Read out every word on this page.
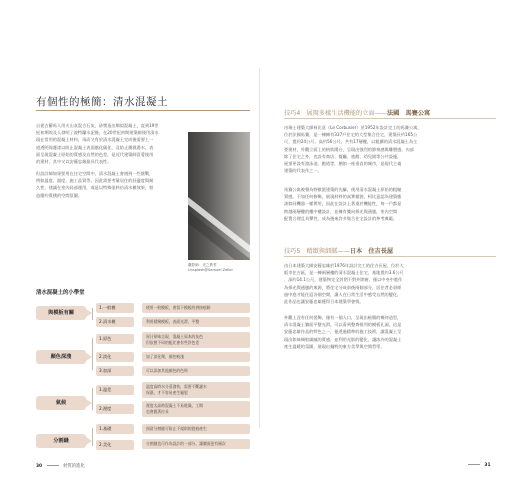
有個性的極簡：清水混凝土
自從古羅馬人用火山灰混合石灰，砂漿造出類似混凝土，直到19世
紀初期埃及人發明了波特蘭水泥後，在20世紀初期建築師使用清水
現在常用的混凝土材料，再而又有於清水混凝土完成後需要上一
道透明保護漆以防止混凝土表面風化碳化、及防止潮濕滲水，表
面呈現混凝土原始的質感及自然的色差，是近代建築師喜愛使用
的建材，其中又以安藤忠雄最具代表性。
但設計師如果要用在住宅空間中，清水混凝土會遇到一些挑戰，
例如溫度、濕度、施工品質等，因此需要考量居住的舒適度與耐
久性，建議在室內局部運用，或是以特殊塗料仿清水模效果，營
造簡約質樸的空間氛圍。
攝影師：光之教堂
Unsplash@Samuel Zeller
清水混凝土的小學堂
與模板有關
1.一般模
2.清水模
使用一般模板，會留下模板的拼接痕跡
利用精緻模板，表面光滑，平整
顏色深淺
1.原色
2.淡化
3.加深
原汁原味呈現，混凝土原本的灰色
但依照不同的配比會有些許色差
加了淡化劑，顏色較淺
可以添加其他顏色的色料
氣候
1.溫差
2.溼度
溫度高時水分蒸發快，需要不斷灑水
保濕，才不容易產生龜裂
溼度太高時混凝土不易乾燥，工期
也會跟著拉長
分割縫
1.基礎
2.美化
預留分割縫可防止不規則的裂痕產生
分割縫也可作為設計的一部分，讓牆面更有層次
30	材質的進化
技巧4　展現多樣生活機能的立面——法國　馬賽公寓
由瑞士建築大師柯比意（Le Corbusier）於1952年設計完工的馬賽公寓，
位於法國馬賽，是一棟擁有337戶住宅的大型集合住宅，建築長約165公
尺、寬約24公尺、高約56公尺，共有17層樓，以粗獷的清水混凝土為主
要建材，外觀立面上的格狀陽台，呈現出強烈的節奏感與雕塑感，內部
除了住宅之外，也設有商店、餐廳、旅館、幼兒園等公共設施，
屋頂更設有游泳池、跑道等，猶如一座垂直的城市，是現代主義
建築的代表作之一。
馬賽公寓被譽為野獸派建築的先驅，使用清水混凝土原始的粗糙
質感，不加任何修飾，展現材料的真實樣貌，柯比意認為建築應
該如同機器一樣實用，因此在設計上著重於機能性，每一戶都是
跨越兩層樓的樓中樓設計，並擁有雙向採光與通風，室內空間
配置合理且具彈性，成為後來許多集合住宅設計的參考典範。
技巧5　精緻與細膩——日本　住吉長屋
由日本建築大師安藤忠雄於1976年設計完工的住吉長屋，位於大
阪市住吉區，是一棟兩層樓的清水混凝土住宅，基地寬約3.6公尺
、深約14.1公尺，建築物完全封閉不對外開窗，僅以中央中庭作
為採光與通風的來源，將住宅分成前後兩個部分，居住者必須經
過中庭才能往返各個空間，讓人在日常生活中感受自然的變化，
此作品也讓安藤忠雄獲得日本建築學會獎。
外觀上沒有任何裝飾，僅有一個入口，呈現出極簡的幾何造型，
清水混凝土牆面平整光滑，可以看到整齊排列的模板孔洞，這是
安藤忠雄作品的特色之一，他透過精準的施工技術，讓混凝土呈
現出如絲綢般細膩的質感，並利用光影的變化，讓冰冷的混凝土
產生溫暖的氛圍，展現出獨特的東方美學與空間哲學。
31
